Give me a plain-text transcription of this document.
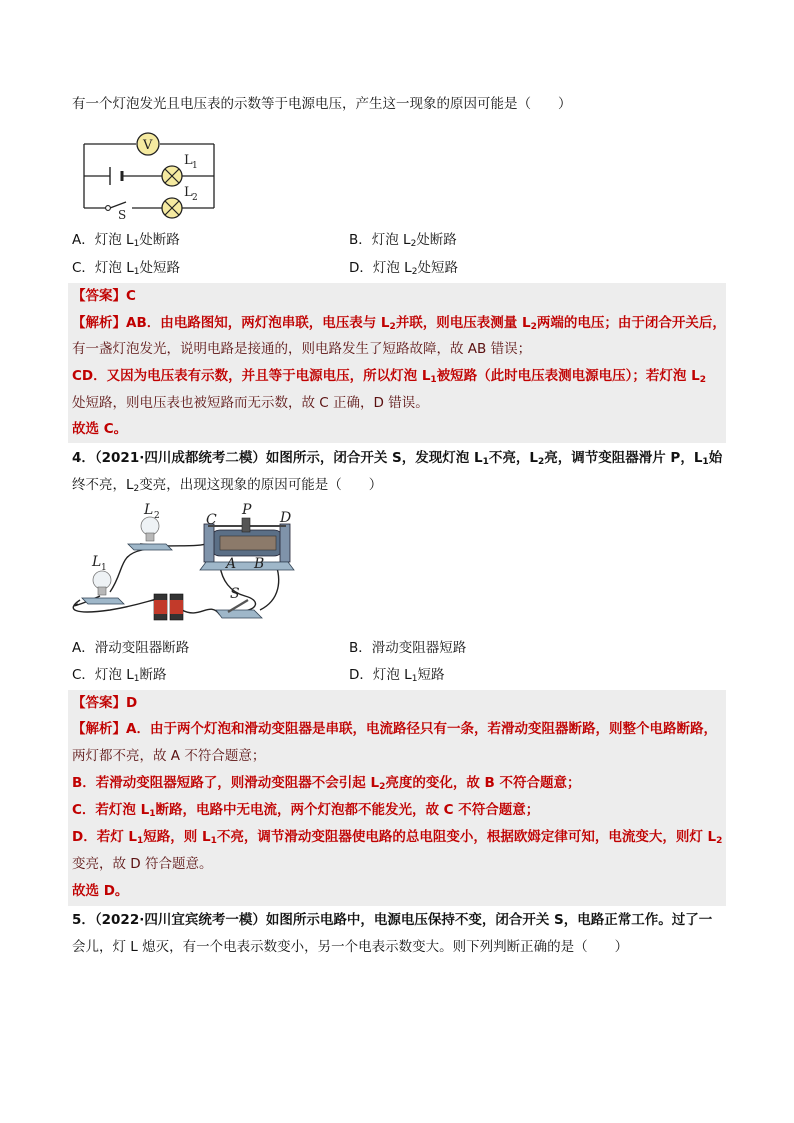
有一个灯泡发光且电压表的示数等于电源电压，产生这一现象的原因可能是（　　）
V
L 1
L 2
S
A．灯泡 $L_1$处断路	B．灯泡 $L_2$处断路
C．灯泡 $L_1$处短路	D．灯泡 $L_2$处短路
【答案】C
【解析】AB．由电路图知，两灯泡串联，电压表与 $L_2$并联，则电压表测量 $L_2$两端的电压；由于闭合开关后，
有一盏灯泡发光，说明电路是接通的，则电路发生了短路故障，故 AB 错误；
CD．又因为电压表有示数，并且等于电源电压，所以灯泡 $L_1$被短路（此时电压表测电源电压）；若灯泡 $L_2$
处短路，则电压表也被短路而无示数，故 C 正确，D 错误。
故选 C。
4．（2021·四川成都统考二模）如图所示，闭合开关 S，发现灯泡 $L_1$不亮，$L_2$亮，调节变阻器滑片 P，$L_1$始
终不亮，$L_2$变亮，出现这现象的原因可能是（　　）
L 1
L 2	C
P D
A B
S
A．滑动变阻器断路	B．滑动变阻器短路
C．灯泡 $L_1$断路	D．灯泡 $L_1$短路
【答案】D
【解析】A．由于两个灯泡和滑动变阻器是串联，电流路径只有一条，若滑动变阻器断路，则整个电路断路，
两灯都不亮，故 A 不符合题意；
B．若滑动变阻器短路了，则滑动变阻器不会引起 $L_2$亮度的变化，故 B 不符合题意；
C．若灯泡 $L_1$断路，电路中无电流，两个灯泡都不能发光，故 C 不符合题意；
D．若灯 $L_1$短路，则 $L_1$不亮，调节滑动变阻器使电路的总电阻变小，根据欧姆定律可知，电流变大，则灯 $L_2$
变亮，故 D 符合题意。
故选 D。
5．（2022·四川宜宾统考一模）如图所示电路中，电源电压保持不变，闭合开关 S，电路正常工作。过了一
会儿，灯 L 熄灭，有一个电表示数变小，另一个电表示数变大。则下列判断正确的是（　　）
